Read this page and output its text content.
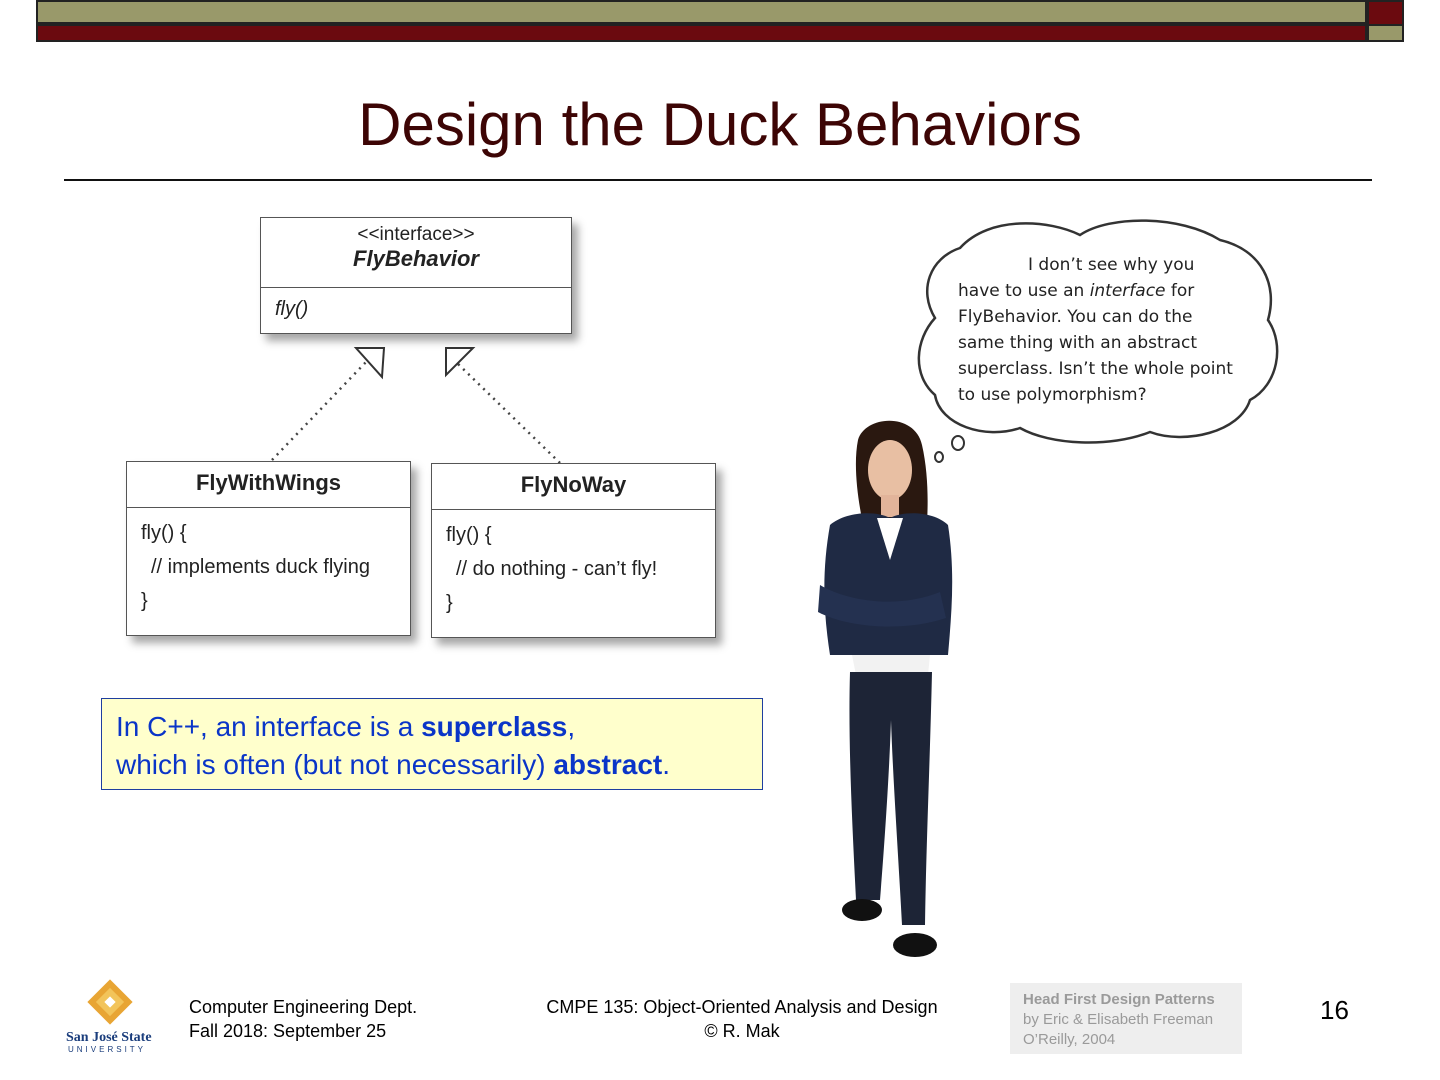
Design the Duck Behaviors
<<interface>>
FlyBehavior
fly()
FlyWithWings
fly() {
// implements duck flying
}
FlyNoWay
fly() {
// do nothing - can’t fly!
}
In C++, an interface is a superclass,
which is often (but not necessarily) abstract.
I don’t see why you
have to use an interface for
FlyBehavior. You can do the
same thing with an abstract
superclass. Isn’t the whole point
to use polymorphism?
San José State
UNIVERSITY
Computer Engineering Dept.
Fall 2018: September 25
CMPE 135: Object-Oriented Analysis and Design
© R. Mak
Head First Design Patterns
by Eric & Elisabeth Freeman
O’Reilly, 2004
16
